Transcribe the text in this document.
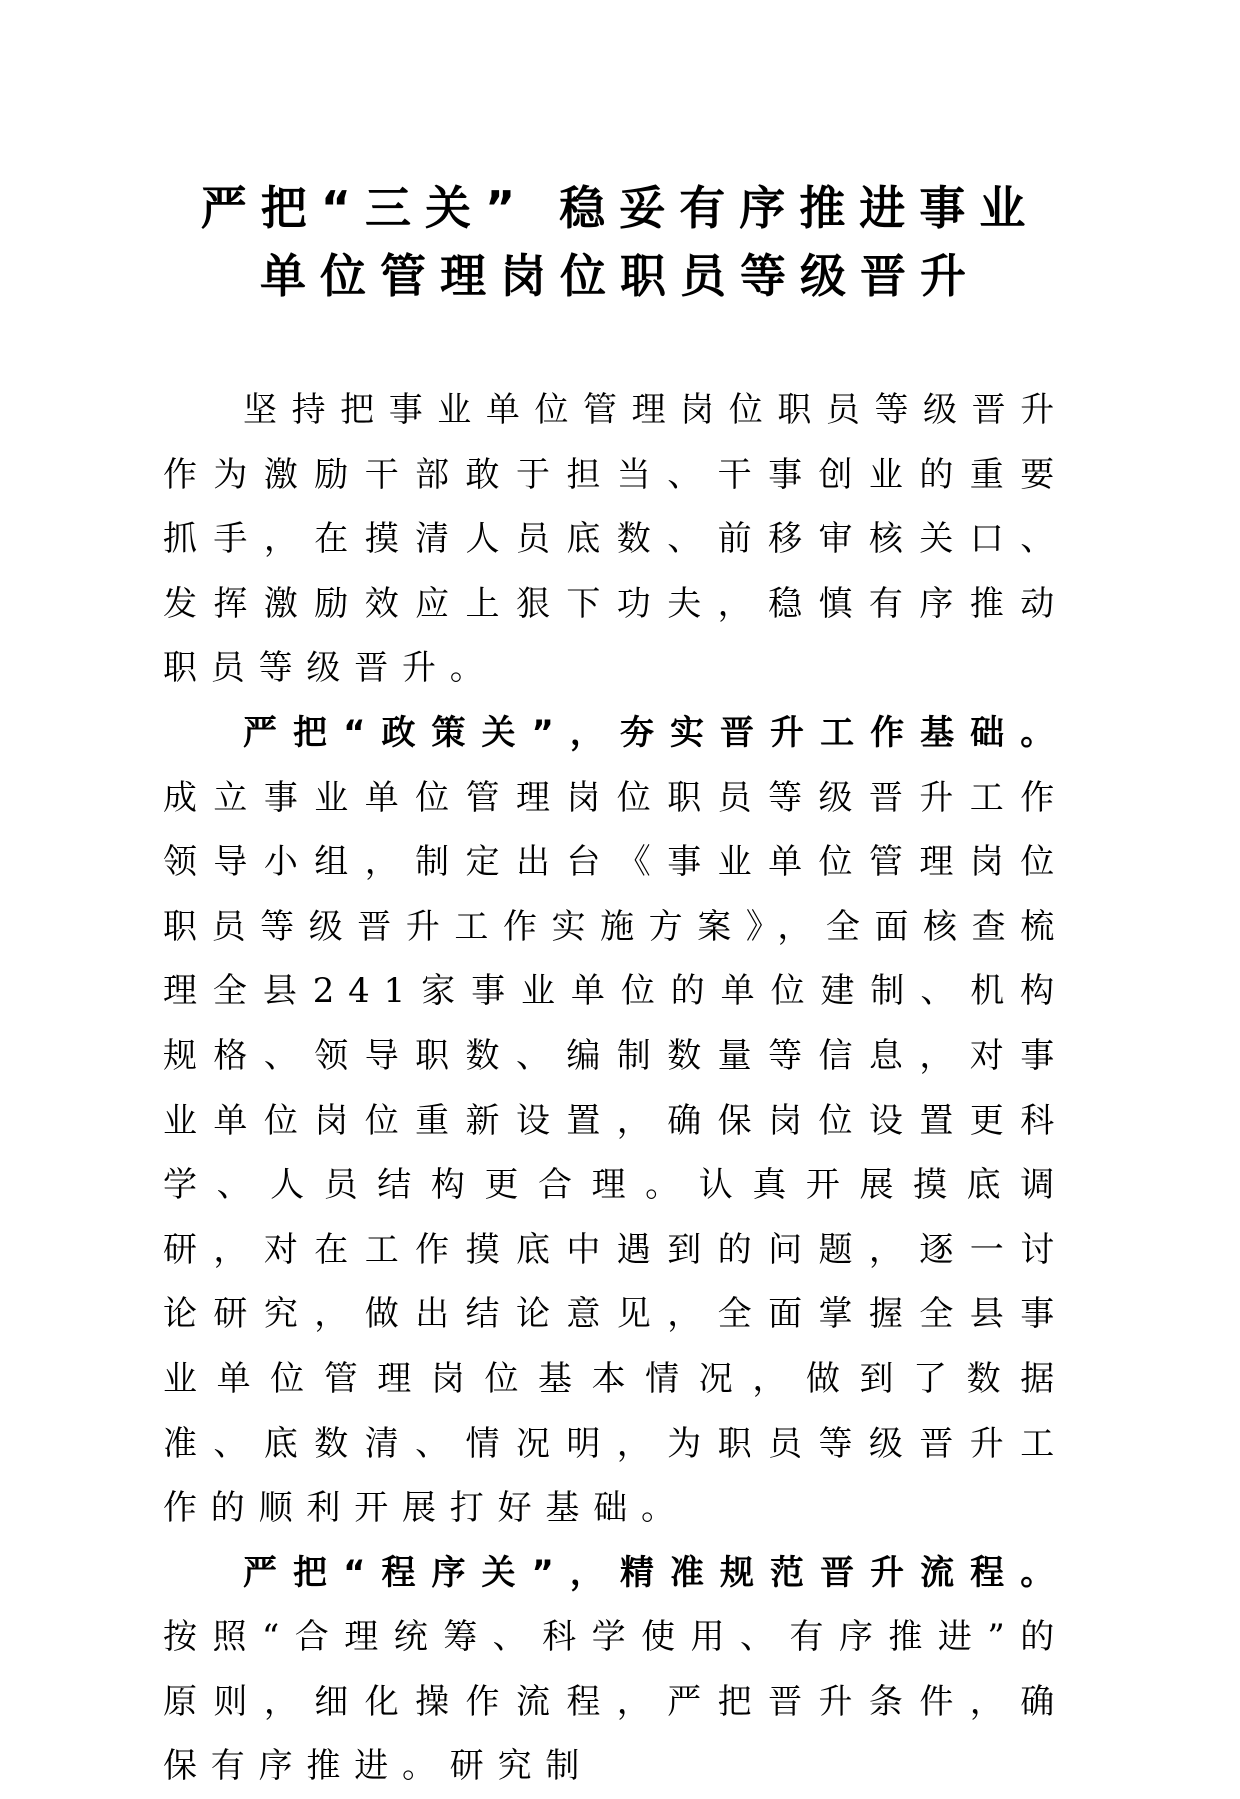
严把“三关” 稳妥有序推进事业
单位管理岗位职员等级晋升

坚持把事业单位管理岗位职员等级晋升作为激励干部敢于担当、干事创业的重要抓手，在摸清人员底数、前移审核关口、发挥激励效应上狠下功夫，稳慎有序推动职员等级晋升。

严把“政策关”，夯实晋升工作基础。成立事业单位管理岗位职员等级晋升工作领导小组，制定出台《事业单位管理岗位职员等级晋升工作实施方案》，全面核查梳理全县241家事业单位的单位建制、机构规格、领导职数、编制数量等信息，对事业单位岗位重新设置，确保岗位设置更科学、人员结构更合理。认真开展摸底调研，对在工作摸底中遇到的问题，逐一讨论研究，做出结论意见，全面掌握全县事业单位管理岗位基本情况，做到了数据准、底数清、情况明，为职员等级晋升工作的顺利开展打好基础。

严把“程序关”，精准规范晋升流程。按照“合理统筹、科学使用、有序推进”的原则，细化操作流程，严把晋升条件，确保有序推进。研究制
